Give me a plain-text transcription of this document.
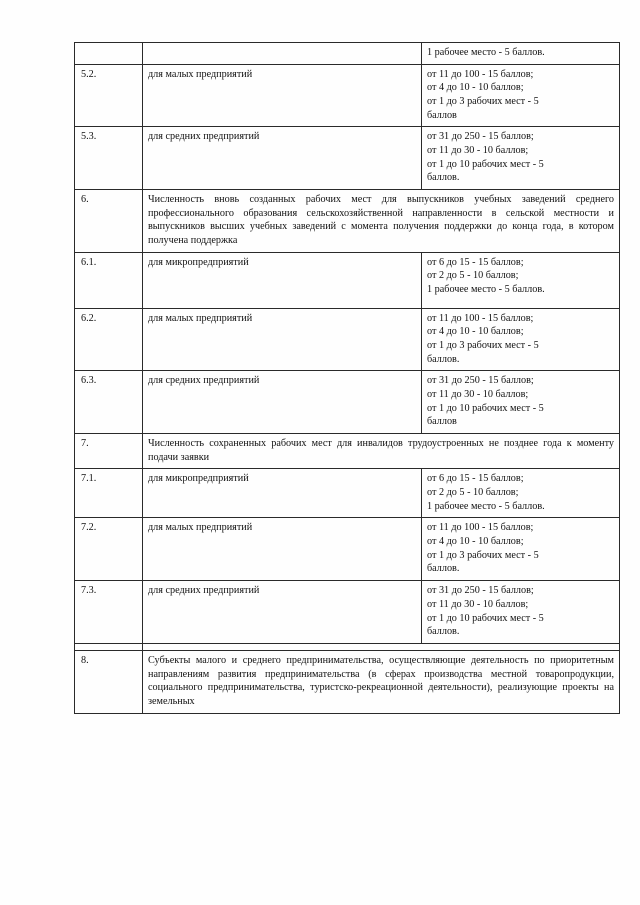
		1 рабочее место - 5 баллов.

5.2.	для малых предприятий	от 11 до 100 - 15 баллов;
от 4 до 10 - 10 баллов;
от 1 до 3 рабочих мест - 5
баллов

5.3.	для средних предприятий	от 31 до 250 - 15 баллов;
от 11 до 30 - 10 баллов;
от 1 до 10 рабочих мест - 5
баллов.

6.	Численность вновь созданных рабочих мест для выпускников учебных заведений среднего профессионального образования сельскохозяйственной направленности в сельской местности и выпускников высших учебных заведений с момента получения поддержки до конца года, в котором получена поддержка	
6.1.	для микропредприятий	от 6 до 15 - 15 баллов;
от 2 до 5 - 10 баллов;
1 рабочее место - 5 баллов.

6.2.	для малых предприятий	от 11 до 100 - 15 баллов;
от 4 до 10 - 10 баллов;
от 1 до 3 рабочих мест - 5
баллов.

6.3.	для средних предприятий	от 31 до 250 - 15 баллов;
от 11 до 30 - 10 баллов;
от 1 до 10 рабочих мест - 5
баллов

7.	Численность сохраненных рабочих мест для инвалидов трудоустроенных не позднее года к моменту подачи заявки	
7.1.	для микропредприятий	от 6 до 15 - 15 баллов;
от 2 до 5 - 10 баллов;
1 рабочее место - 5 баллов.

7.2.	для малых предприятий	от 11 до 100 - 15 баллов;
от 4 до 10 - 10 баллов;
от 1 до 3 рабочих мест - 5
баллов.

7.3.	для средних предприятий	от 31 до 250 - 15 баллов;
от 11 до 30 - 10 баллов;
от 1 до 10 рабочих мест - 5
баллов.

8.	Субъекты малого и среднего предпринимательства, осуществляющие деятельность по приоритетным направлениям развития предпринимательства (в сферах производства местной товаропродукции, социального предпринимательства, туристско-рекреационной деятельности), реализующие проекты на земельных	
